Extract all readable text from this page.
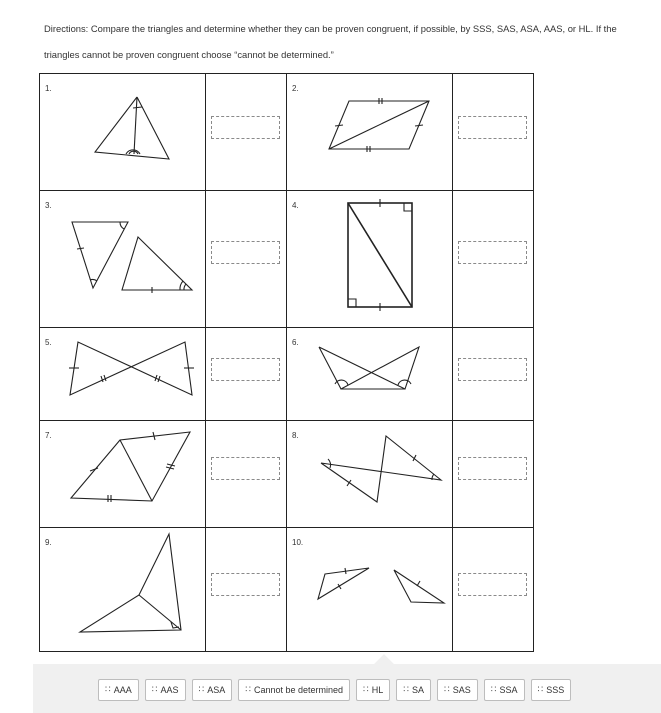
Directions: Compare the triangles and determine whether they can be proven congruent, if possible, by SSS, SAS, ASA, AAS, or HL. If the
triangles cannot be proven congruent choose “cannot be determined.”
1.		2.	

3.		4.	

5.		6.	

7.		8.	

9.		10.	

∷ AAA ∷ AAS ∷ ASA ∷ Cannot be determined ∷ HL ∷ SA ∷ SAS ∷ SSA ∷ SSS
